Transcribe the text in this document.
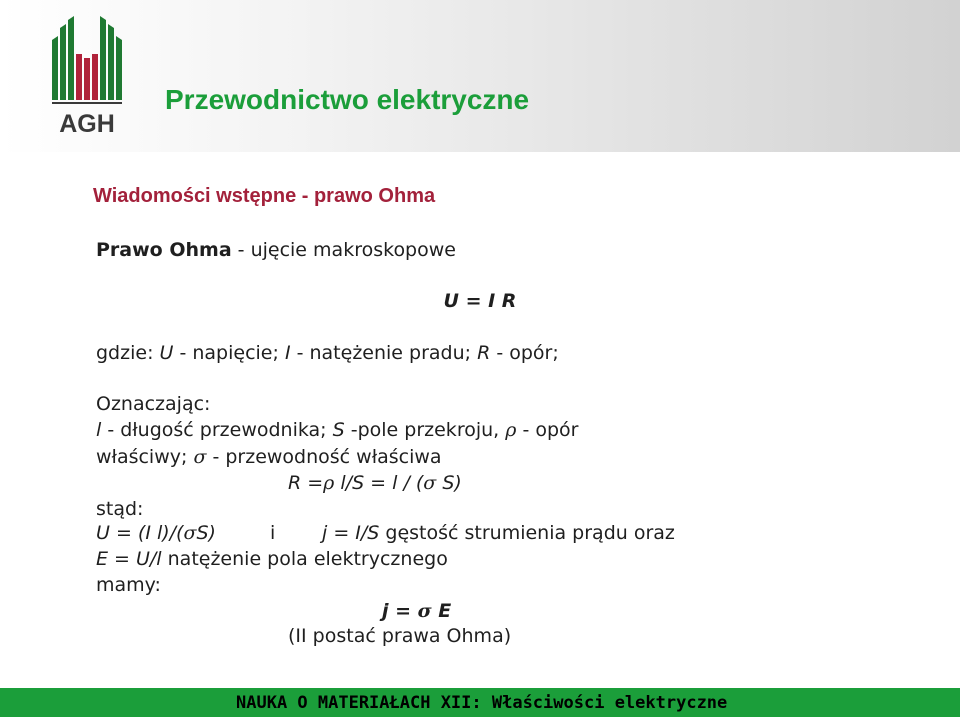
AGH
Przewodnictwo elektryczne
Wiadomości wstępne - prawo Ohma
Prawo Ohma - ujęcie makroskopowe
U = I R
gdzie: U - napięcie; I - natężenie pradu; R - opór;
Oznaczając:
l - długość przewodnika; S -pole przekroju, ρ - opór
właściwy; σ - przewodność właściwa
R =ρ l/S = l / (σ S)
stąd:
U = (I l)/(σS)	i j = I/S gęstość strumienia prądu oraz
E = U/l natężenie pola elektrycznego
mamy:
j = σ E
(II postać prawa Ohma)
NAUKA O MATERIAŁACH XII: Właściwości elektryczne
